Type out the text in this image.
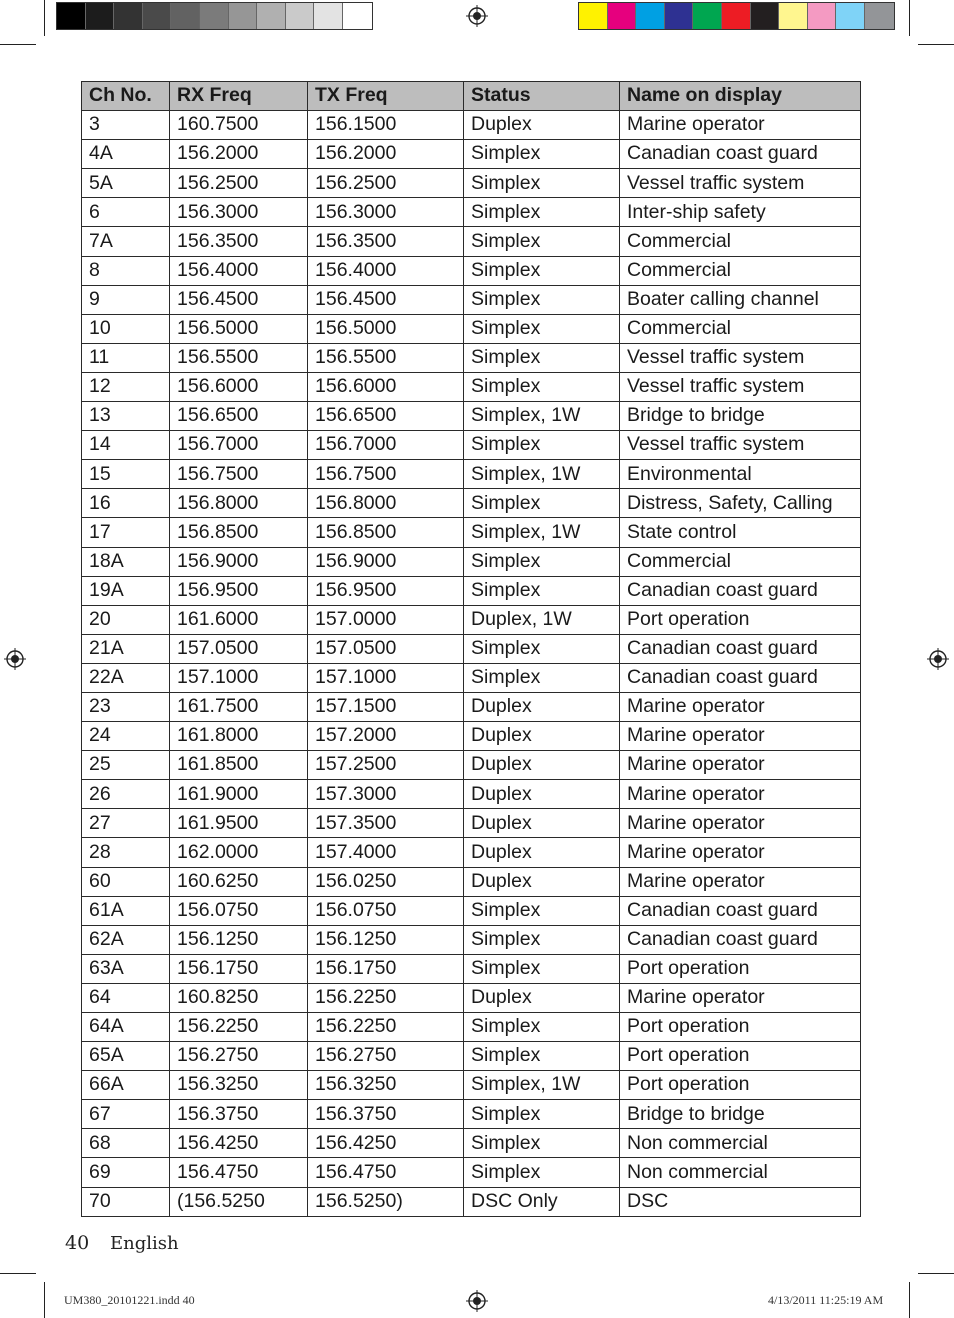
Ch No.	RX Freq	TX Freq	Status	Name on display
3	160.7500	156.1500	Duplex	Marine operator
4A	156.2000	156.2000	Simplex	Canadian coast guard
5A	156.2500	156.2500	Simplex	Vessel traffic system
6	156.3000	156.3000	Simplex	Inter-ship safety
7A	156.3500	156.3500	Simplex	Commercial
8	156.4000	156.4000	Simplex	Commercial
9	156.4500	156.4500	Simplex	Boater calling channel
10	156.5000	156.5000	Simplex	Commercial
11	156.5500	156.5500	Simplex	Vessel traffic system
12	156.6000	156.6000	Simplex	Vessel traffic system
13	156.6500	156.6500	Simplex, 1W	Bridge to bridge
14	156.7000	156.7000	Simplex	Vessel traffic system
15	156.7500	156.7500	Simplex, 1W	Environmental
16	156.8000	156.8000	Simplex	Distress, Safety, Calling
17	156.8500	156.8500	Simplex, 1W	State control
18A	156.9000	156.9000	Simplex	Commercial
19A	156.9500	156.9500	Simplex	Canadian coast guard
20	161.6000	157.0000	Duplex, 1W	Port operation
21A	157.0500	157.0500	Simplex	Canadian coast guard
22A	157.1000	157.1000	Simplex	Canadian coast guard
23	161.7500	157.1500	Duplex	Marine operator
24	161.8000	157.2000	Duplex	Marine operator
25	161.8500	157.2500	Duplex	Marine operator
26	161.9000	157.3000	Duplex	Marine operator
27	161.9500	157.3500	Duplex	Marine operator
28	162.0000	157.4000	Duplex	Marine operator
60	160.6250	156.0250	Duplex	Marine operator
61A	156.0750	156.0750	Simplex	Canadian coast guard
62A	156.1250	156.1250	Simplex	Canadian coast guard
63A	156.1750	156.1750	Simplex	Port operation
64	160.8250	156.2250	Duplex	Marine operator
64A	156.2250	156.2250	Simplex	Port operation
65A	156.2750	156.2750	Simplex	Port operation
66A	156.3250	156.3250	Simplex, 1W	Port operation
67	156.3750	156.3750	Simplex	Bridge to bridge
68	156.4250	156.4250	Simplex	Non commercial
69	156.4750	156.4750	Simplex	Non commercial
70	(156.5250	156.5250)	DSC Only	DSC
40 English
UM380_20101221.indd 40	4/13/2011 11:25:19 AM
